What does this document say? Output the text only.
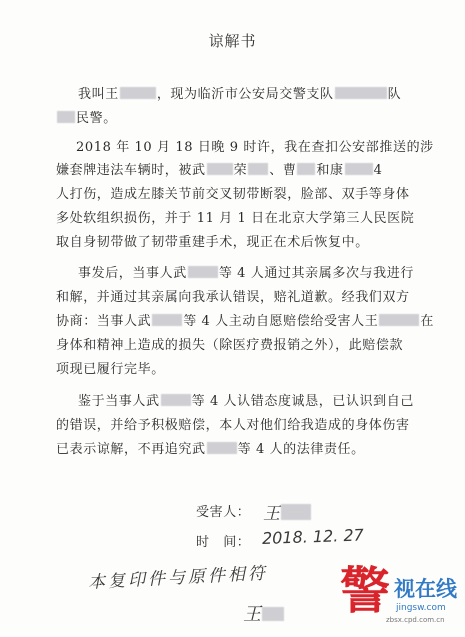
谅解书
我叫王	，现为临沂市公安局交警支队	队
民警。
2018 年 10 月 18 日晚 9 时许，我在查扣公安部推送的涉
嫌套牌违法车辆时，被武 荣 、曹 和康 4
人打伤，造成左膝关节前交叉韧带断裂，脸部、双手等身体
多处软组织损伤，并于 11 月 1 日在北京大学第三人民医院
取自身韧带做了韧带重建手术，现正在术后恢复中。
事发后，当事人武 等 4 人通过其亲属多次与我进行
和解，并通过其亲属向我承认错误，赔礼道歉。经我们双方
协商：当事人武 等 4 人主动自愿赔偿给受害人王	在
身体和精神上造成的损失（除医疗费报销之外），此赔偿款
项现已履行完毕。
鉴于当事人武 等 4 人认错态度诚恳，已认识到自己
的错误，并给予积极赔偿，本人对他们给我造成的身体伤害
已表示谅解，不再追究武 等 4 人的法律责任。
受害人： 王
时　间： 2018. 12. 27
本复印件与原件相符
王	警 视在线
jingsw.com
zbsx.cpd.com.cn
